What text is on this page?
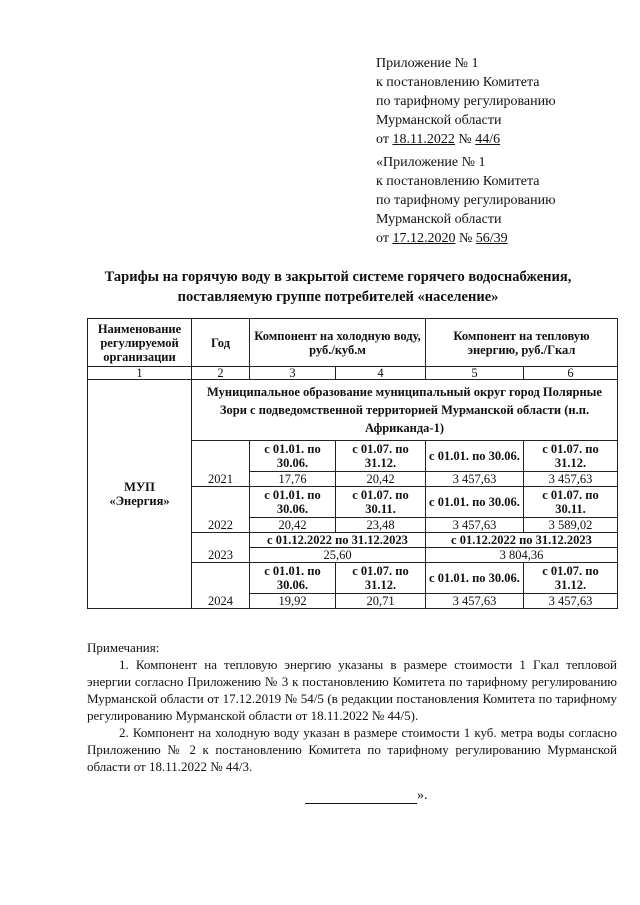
Приложение № 1
к постановлению Комитета
по тарифному регулированию
Мурманской области
от 18.11.2022 № 44/6
«Приложение № 1
к постановлению Комитета
по тарифному регулированию
Мурманской области
от 17.12.2020 № 56/39
Тарифы на горячую воду в закрытой системе горячего водоснабжения,
поставляемую группе потребителей «население»
Наименование регулируемой организации	Год	Компонент на холодную воду, руб./куб.м		Компонент на тепловую энергию, руб./Гкал	
1	2	3	4	5	6

МУП
«Энергия»	Муниципальное образование муниципальный округ город Полярные Зори с подведомственной территорией Мурманской области (н.п. Африканда-1)				
	2021	с 01.01. по 30.06.	с 01.07. по 31.12.	с 01.01. по 30.06.	с 01.07. по 31.12.
		17,76	20,42	3 457,63	3 457,63
	2022	с 01.01. по 30.06.	с 01.07. по 30.11.	с 01.01. по 30.06.	с 01.07. по 30.11.
		20,42	23,48	3 457,63	3 589,02
	2023	с 01.12.2022 по 31.12.2023		с 01.12.2022 по 31.12.2023	
		25,60		3 804,36	
	2024	с 01.01. по 30.06.	с 01.07. по 31.12.	с 01.01. по 30.06.	с 01.07. по 31.12.
		19,92	20,71	3 457,63	3 457,63

Примечания:

1. Компонент на тепловую энергию указаны в размере стоимости 1 Гкал тепловой энергии согласно Приложению № 3 к постановлению Комитета по тарифному регулированию Мурманской области от 17.12.2019 № 54/5 (в редакции постановления Комитета по тарифному регулированию Мурманской области от 18.11.2022 № 44/5).

2. Компонент на холодную воду указан в размере стоимости 1 куб. метра воды согласно Приложению № 2 к постановлению Комитета по тарифному регулированию Мурманской области от 18.11.2022 № 44/3.

».
